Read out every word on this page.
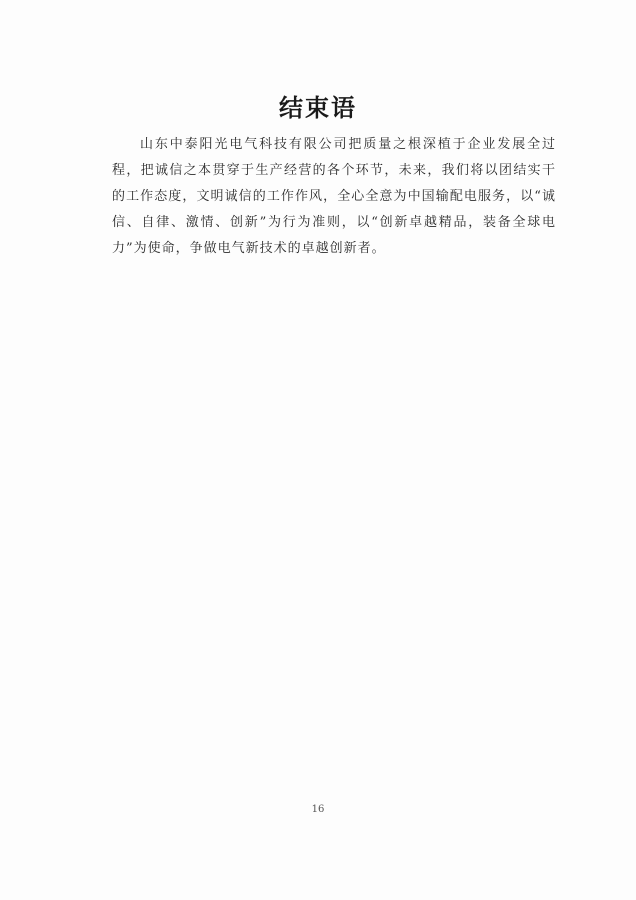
结束语

山东中泰阳光电气科技有限公司把质量之根深植于企业发展全过程，把诚信之本贯穿于生产经营的各个环节，未来，我们将以团结实干的工作态度，文明诚信的工作作风，全心全意为中国输配电服务，以“诚信、自律、激情、创新”为行为准则，以“创新卓越精品，装备全球电力”为使命，争做电气新技术的卓越创新者。

16
